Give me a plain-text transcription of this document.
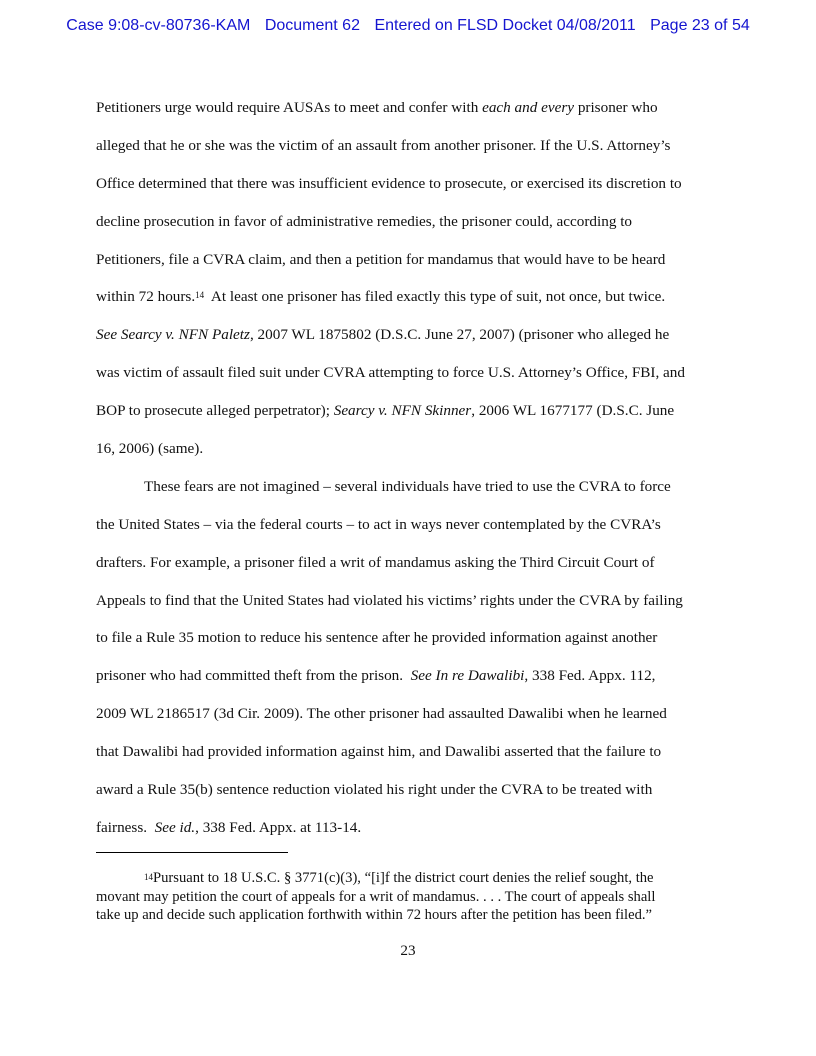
Case 9:08-cv-80736-KAM Document 62 Entered on FLSD Docket 04/08/2011 Page 23 of 54
Petitioners urge would require AUSAs to meet and confer with each and every prisoner who
alleged that he or she was the victim of an assault from another prisoner. If the U.S. Attorney’s
Office determined that there was insufficient evidence to prosecute, or exercised its discretion to
decline prosecution in favor of administrative remedies, the prisoner could, according to
Petitioners, file a CVRA claim, and then a petition for mandamus that would have to be heard
within 72 hours.$^{14}$  At least one prisoner has filed exactly this type of suit, not once, but twice.
See Searcy v. NFN Paletz, 2007 WL 1875802 (D.S.C. June 27, 2007) (prisoner who alleged he
was victim of assault filed suit under CVRA attempting to force U.S. Attorney’s Office, FBI, and
BOP to prosecute alleged perpetrator); Searcy v. NFN Skinner, 2006 WL 1677177 (D.S.C. June
16, 2006) (same).
These fears are not imagined – several individuals have tried to use the CVRA to force
the United States – via the federal courts – to act in ways never contemplated by the CVRA’s
drafters. For example, a prisoner filed a writ of mandamus asking the Third Circuit Court of
Appeals to find that the United States had violated his victims’ rights under the CVRA by failing
to file a Rule 35 motion to reduce his sentence after he provided information against another
prisoner who had committed theft from the prison.  See In re Dawalibi, 338 Fed. Appx. 112,
2009 WL 2186517 (3d Cir. 2009). The other prisoner had assaulted Dawalibi when he learned
that Dawalibi had provided information against him, and Dawalibi asserted that the failure to
award a Rule 35(b) sentence reduction violated his right under the CVRA to be treated with
fairness.  See id., 338 Fed. Appx. at 113-14.
$^{14}$Pursuant to 18 U.S.C. § 3771(c)(3), “[i]f the district court denies the relief sought, the
movant may petition the court of appeals for a writ of mandamus. . . . The court of appeals shall
take up and decide such application forthwith within 72 hours after the petition has been filed.”
23
